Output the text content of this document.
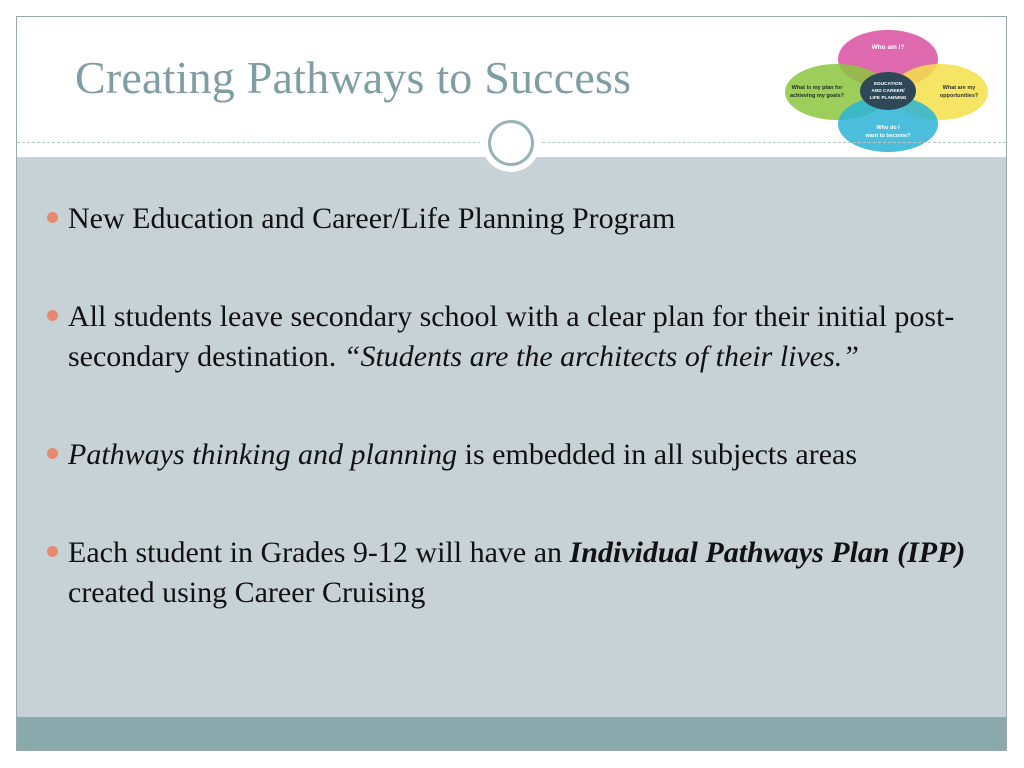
Creating Pathways to Success
Who am I?
What is my plan for
achieving my goals?
What are my
opportunities?
Who do I
want to become?
EDUCATION
AND CAREER/
LIFE PLANNING
New Education and Career/Life Planning Program
All students leave secondary school with a clear plan for their initial post-secondary destination. “Students are the architects of their lives.”
Pathways thinking and planning is embedded in all subjects areas
Each student in Grades 9-12 will have an Individual Pathways Plan (IPP) created using Career Cruising
